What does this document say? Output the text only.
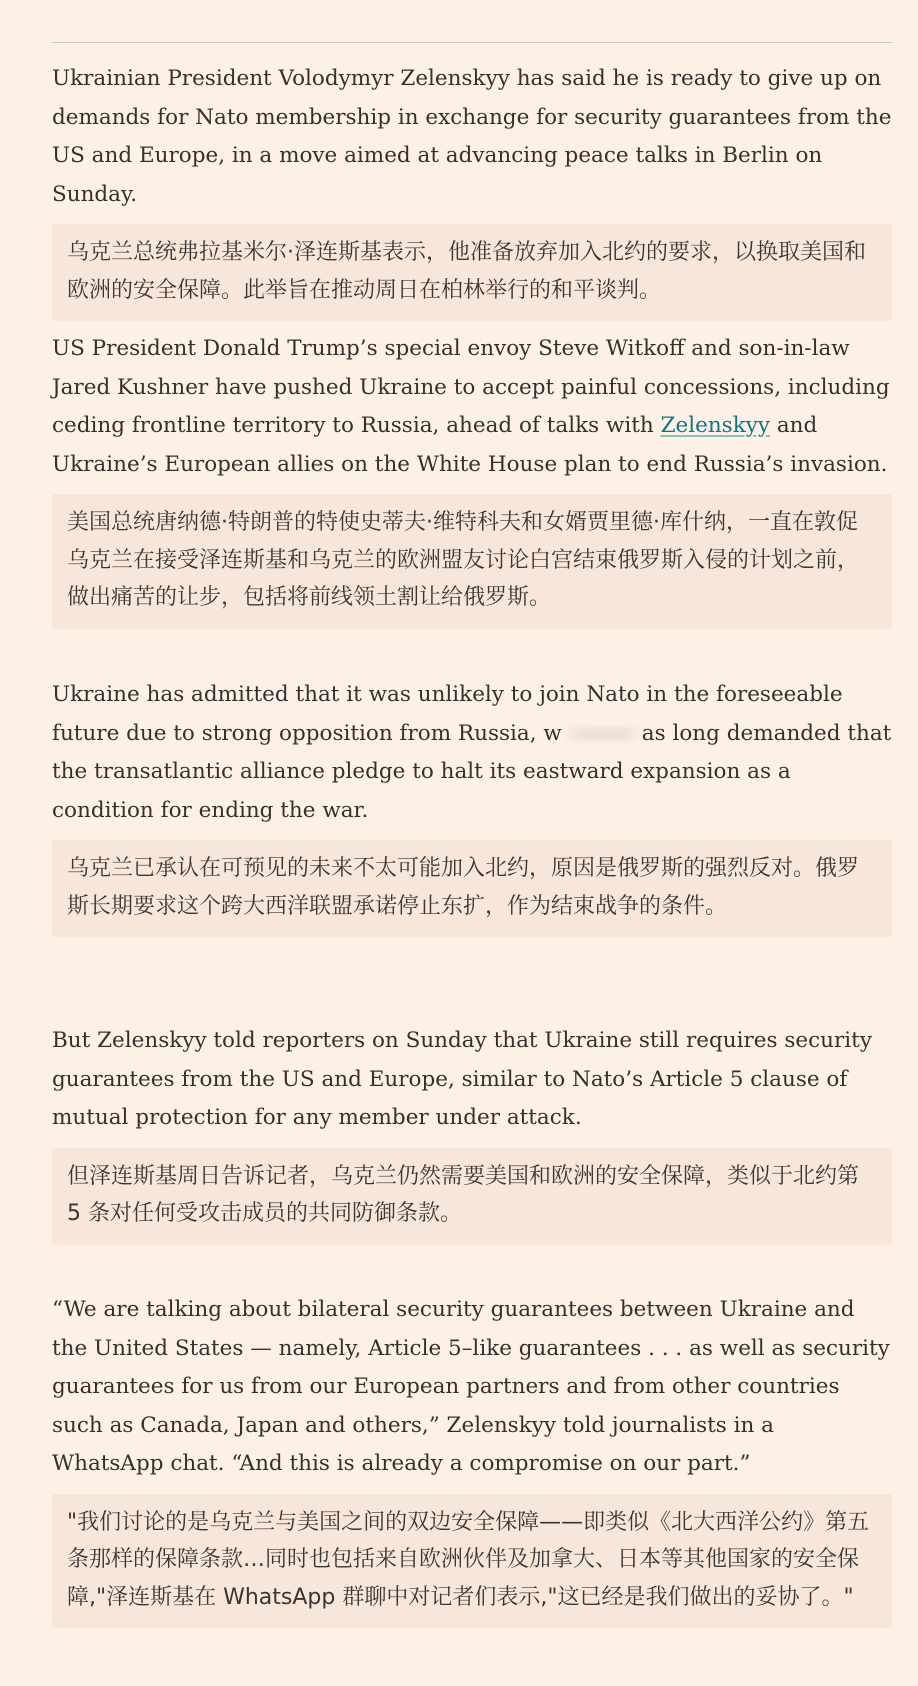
Ukrainian President Volodymyr Zelenskyy has said he is ready to give up on demands for Nato membership in exchange for security guarantees from the US and Europe, in a move aimed at advancing peace talks in Berlin on Sunday.

乌克兰总统弗拉基米尔·泽连斯基表示，他准备放弃加入北约的要求，以换取美国和欧洲的安全保障。此举旨在推动周日在柏林举行的和平谈判。

US President Donald Trump’s special envoy Steve Witkoff and son-in-law Jared Kushner have pushed Ukraine to accept painful concessions, including ceding frontline territory to Russia, ahead of talks with Zelenskyy and Ukraine’s European allies on the White House plan to end Russia’s invasion.

美国总统唐纳德·特朗普的特使史蒂夫·维特科夫和女婿贾里德·库什纳，一直在敦促乌克兰在接受泽连斯基和乌克兰的欧洲盟友讨论白宫结束俄罗斯入侵的计划之前，做出痛苦的让步，包括将前线领土割让给俄罗斯。

Ukraine has admitted that it was unlikely to join Nato in the foreseeable future due to strong opposition from Russia, w	as long demanded that the transatlantic alliance pledge to halt its eastward expansion as a condition for ending the war.

乌克兰已承认在可预见的未来不太可能加入北约，原因是俄罗斯的强烈反对。俄罗斯长期要求这个跨大西洋联盟承诺停止东扩，作为结束战争的条件。

But Zelenskyy told reporters on Sunday that Ukraine still requires security guarantees from the US and Europe, similar to Nato’s Article 5 clause of mutual protection for any member under attack.

但泽连斯基周日告诉记者，乌克兰仍然需要美国和欧洲的安全保障，类似于北约第 5 条对任何受攻击成员的共同防御条款。

“We are talking about bilateral security guarantees between Ukraine and the United States — namely, Article 5–like guarantees . . . as well as security guarantees for us from our European partners and from other countries such as Canada, Japan and others,” Zelenskyy told journalists in a WhatsApp chat. “And this is already a compromise on our part.”

"我们讨论的是乌克兰与美国之间的双边安全保障——即类似《北大西洋公约》第五条那样的保障条款…同时也包括来自欧洲伙伴及加拿大、日本等其他国家的安全保障,"泽连斯基在 WhatsApp 群聊中对记者们表示,"这已经是我们做出的妥协了。"
